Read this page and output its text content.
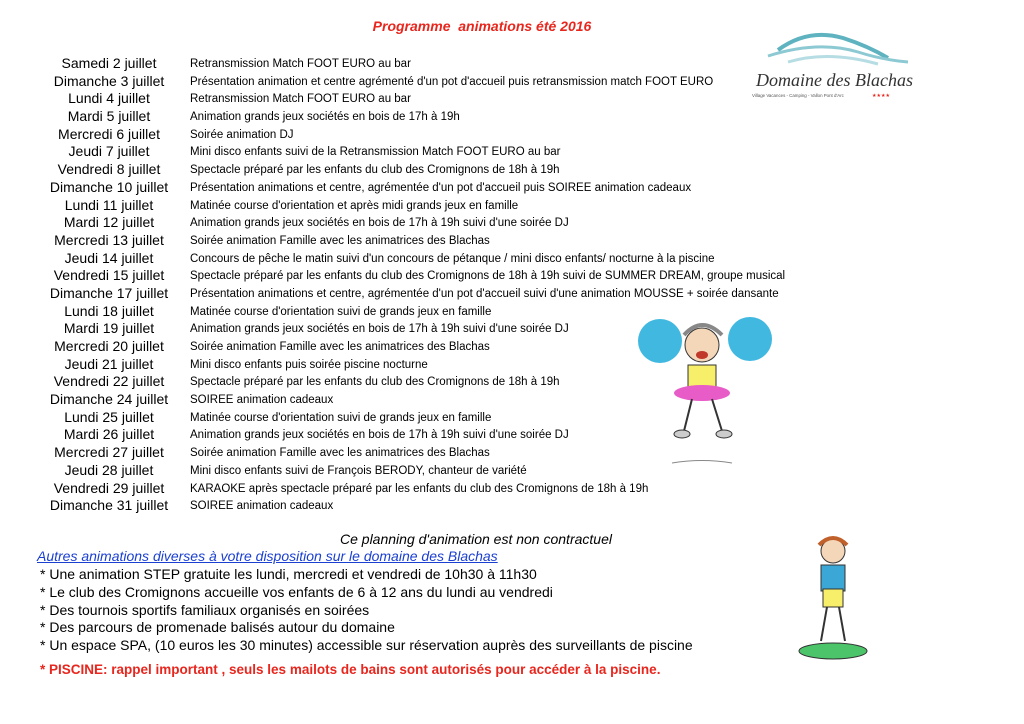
Programme  animations été 2016
Samedi 2 juillet	Retransmission Match FOOT EURO au bar
Dimanche 3 juillet	Présentation animation et centre agrémenté d'un pot d'accueil puis retransmission match FOOT EURO
Lundi 4 juillet	Retransmission Match FOOT EURO au bar
Mardi 5 juillet	Animation grands jeux sociétés en bois de 17h à 19h
Mercredi 6 juillet	Soirée animation DJ
Jeudi 7 juillet	Mini disco enfants suivi de la Retransmission Match FOOT EURO au bar
Vendredi 8 juillet	Spectacle préparé par les enfants du club des Cromignons de 18h à 19h
Dimanche 10 juillet	Présentation animations et centre, agrémentée d'un pot d'accueil puis SOIREE animation cadeaux
Lundi 11 juillet	Matinée course d'orientation et après midi grands jeux en famille
Mardi 12 juillet	Animation grands jeux sociétés en bois de 17h à 19h suivi d'une soirée DJ
Mercredi 13 juillet	Soirée animation Famille avec les animatrices des Blachas
Jeudi 14 juillet	Concours de pêche le matin suivi d'un concours de pétanque / mini disco enfants/ nocturne à la piscine
Vendredi 15 juillet	Spectacle préparé par les enfants du club des Cromignons de 18h à 19h suivi de SUMMER DREAM, groupe musical
Dimanche 17 juillet	Présentation animations et centre, agrémentée d'un pot d'accueil suivi d'une animation MOUSSE + soirée dansante
Lundi 18 juillet	Matinée course d'orientation suivi de grands jeux en famille
Mardi 19 juillet	Animation grands jeux sociétés en bois de 17h à 19h suivi d'une soirée DJ
Mercredi 20 juillet	Soirée animation Famille avec les animatrices des Blachas
Jeudi 21 juillet	Mini disco enfants puis soirée piscine nocturne
Vendredi 22 juillet	Spectacle préparé par les enfants du club des Cromignons de 18h à 19h
Dimanche 24 juillet	SOIREE animation cadeaux
Lundi 25 juillet	Matinée course d'orientation suivi de grands jeux en famille
Mardi 26 juillet	Animation grands jeux sociétés en bois de 17h à 19h suivi d'une soirée DJ
Mercredi 27 juillet	Soirée animation Famille avec les animatrices des Blachas
Jeudi 28 juillet	Mini disco enfants suivi de François BERODY, chanteur de variété
Vendredi 29 juillet	KARAOKE après spectacle préparé par les enfants du club des Cromignons de 18h à 19h
Dimanche 31 juillet	SOIREE animation cadeaux
Domaine des Blachas
Village Vacances - Camping - Vallon Pont d'Arc	★★★★
Ce planning d'animation est non contractuel
Autres animations diverses à votre disposition sur le domaine des Blachas
* Une animation STEP gratuite les lundi, mercredi et vendredi de 10h30 à 11h30
* Le club des Cromignons accueille vos enfants de 6 à 12 ans du lundi au vendredi
* Des tournois sportifs familiaux organisés en soirées
* Des parcours de promenade balisés autour du domaine
* Un espace SPA, (10 euros les 30 minutes) accessible sur réservation auprès des surveillants de piscine
* PISCINE: rappel important , seuls les mailots de bains sont autorisés pour accéder à la piscine.
